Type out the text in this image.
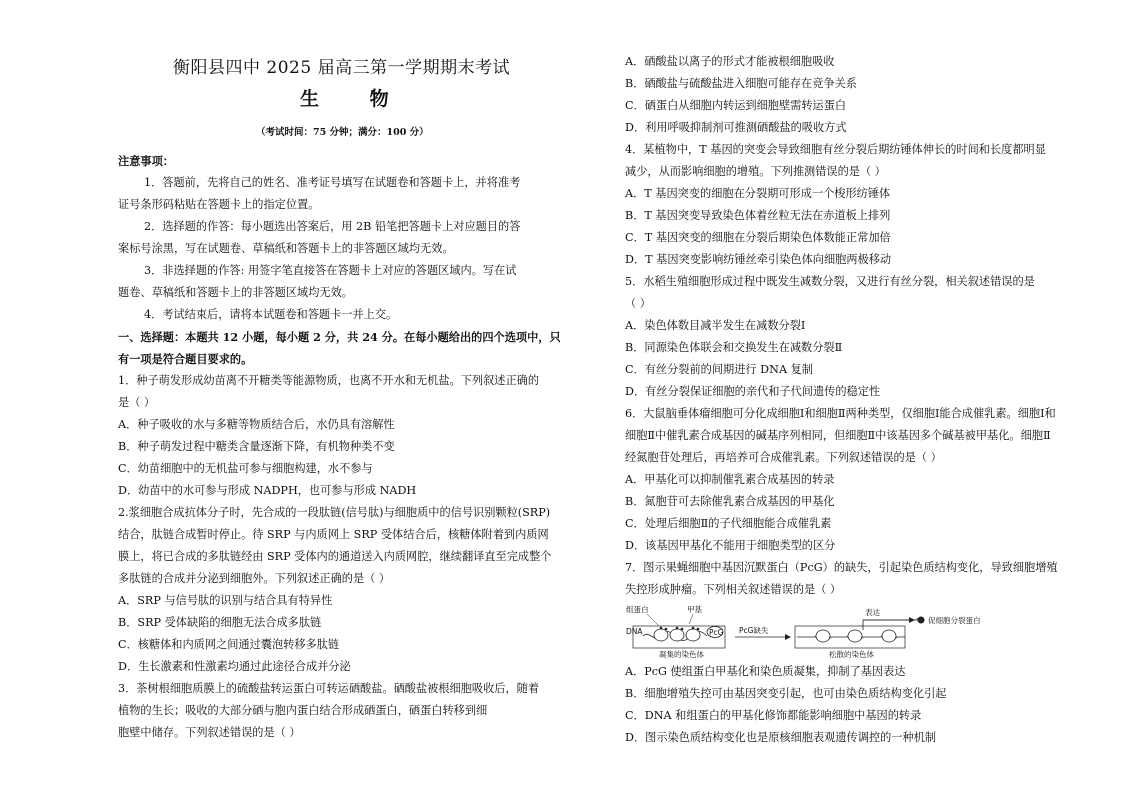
衡阳县四中 2025 届高三第一学期期末考试
生 物
（考试时间：75 分钟；满分：100 分）
注意事项：
1．答题前，先将自己的姓名、准考证号填写在试题卷和答题卡上，并将准考
证号条形码粘贴在答题卡上的指定位置。
2．选择题的作答：每小题选出答案后，用 2B 铅笔把答题卡上对应题目的答
案标号涂黑，写在试题卷、草稿纸和答题卡上的非答题区域均无效。
3．非选择题的作答: 用签字笔直接答在答题卡上对应的答题区域内。写在试
题卷、草稿纸和答题卡上的非答题区域均无效。
4．考试结束后，请将本试题卷和答题卡一并上交。
一、选择题：本题共 12 小题，每小题 2 分，共 24 分。在每小题给出的四个选项中，只
有一项是符合题目要求的。
1．种子萌发形成幼苗离不开糖类等能源物质，也离不开水和无机盐。下列叙述正确的
是（ ）
A．种子吸收的水与多糖等物质结合后，水仍具有溶解性
B．种子萌发过程中糖类含量逐渐下降，有机物种类不变
C．幼苗细胞中的无机盐可参与细胞构建，水不参与
D．幼苗中的水可参与形成 NADPH，也可参与形成 NADH
2.浆细胞合成抗体分子时，先合成的一段肽链(信号肽)与细胞质中的信号识别颗粒(SRP)
结合，肽链合成暂时停止。待 SRP 与内质网上 SRP 受体结合后，核糖体附着到内质网
膜上，将已合成的多肽链经由 SRP 受体内的通道送入内质网腔，继续翻译直至完成整个
多肽链的合成并分泌到细胞外。下列叙述正确的是（ ）
A．SRP 与信号肽的识别与结合具有特异性
B．SRP 受体缺陷的细胞无法合成多肽链
C．核糖体和内质网之间通过囊泡转移多肽链
D．生长激素和性激素均通过此途径合成并分泌
3．茶树根细胞质膜上的硫酸盐转运蛋白可转运硒酸盐。硒酸盐被根细胞吸收后，随着
植物的生长；吸收的大部分硒与胞内蛋白结合形成硒蛋白，硒蛋白转移到细
胞壁中储存。下列叙述错误的是（ ）
A．硒酸盐以离子的形式才能被根细胞吸收
B．硒酸盐与硫酸盐进入细胞可能存在竞争关系
C．硒蛋白从细胞内转运到细胞壁需转运蛋白
D．利用呼吸抑制剂可推测硒酸盐的吸收方式
4．某植物中，T 基因的突变会导致细胞有丝分裂后期纺锤体伸长的时间和长度都明显
减少，从而影响细胞的增殖。下列推测错误的是（ ）
A．T 基因突变的细胞在分裂期可形成一个梭形纺锤体
B．T 基因突变导致染色体着丝粒无法在赤道板上排列
C．T 基因突变的细胞在分裂后期染色体数能正常加倍
D．T 基因突变影响纺锤丝牵引染色体向细胞两极移动
5．水稻生殖细胞形成过程中既发生减数分裂，又进行有丝分裂，相关叙述错误的是
（ ）
A．染色体数目减半发生在减数分裂Ⅰ
B．同源染色体联会和交换发生在减数分裂Ⅱ
C．有丝分裂前的间期进行 DNA 复制
D．有丝分裂保证细胞的亲代和子代间遗传的稳定性
6．大鼠脑垂体瘤细胞可分化成细胞Ⅰ和细胞Ⅱ两种类型，仅细胞Ⅰ能合成催乳素。细胞Ⅰ和
细胞Ⅱ中催乳素合成基因的碱基序列相同，但细胞Ⅱ中该基因多个碱基被甲基化。细胞Ⅱ
经氮胞苷处理后，再培养可合成催乳素。下列叙述错误的是（ ）
A．甲基化可以抑制催乳素合成基因的转录
B．氮胞苷可去除催乳素合成基因的甲基化
C．处理后细胞Ⅱ的子代细胞能合成催乳素
D．该基因甲基化不能用于细胞类型的区分
7．图示果蝇细胞中基因沉默蛋白（PcG）的缺失，引起染色质结构变化，导致细胞增殖
失控形成肿瘤。下列相关叙述错误的是（ ）
A．PcG 使组蛋白甲基化和染色质凝集，抑制了基因表达
B．细胞增殖失控可由基因突变引起，也可由染色质结构变化引起
C．DNA 和组蛋白的甲基化修饰都能影响细胞中基因的转录
D．图示染色质结构变化也是原核细胞表观遗传调控的一种机制
组蛋白	甲基
DNA	PcG
凝集的染色体
PcG缺失
松散的染色体
表达
促细胞分裂蛋白
